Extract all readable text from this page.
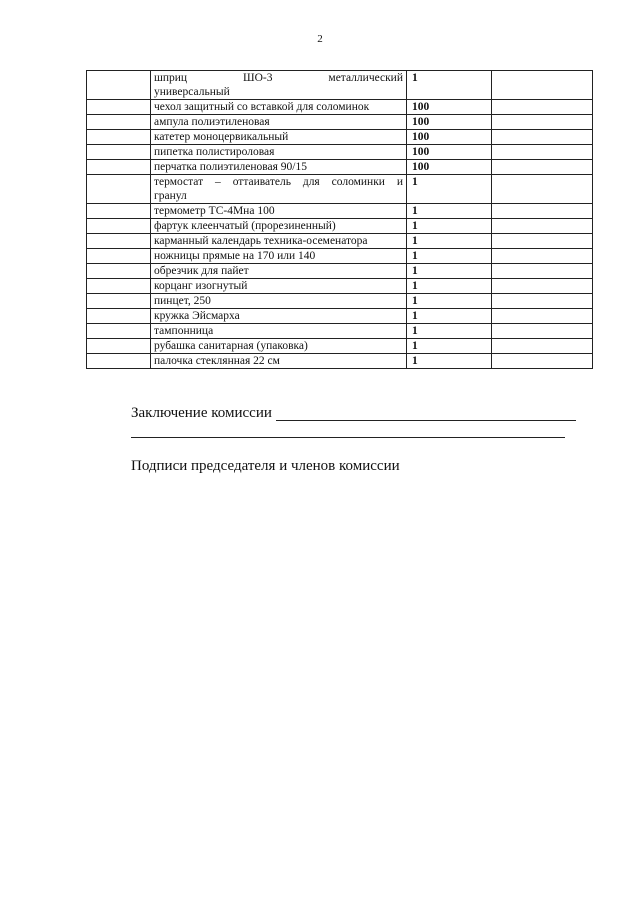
2

	шприц ШО-3 металлический
универсальный	1	

	чехол защитный со вставкой для соломинок	100	

	ампула полиэтиленовая	100	

	катетер моноцервикальный	100	

	пипетка полистироловая	100	

	перчатка полиэтиленовая 90/15	100	

	термостат – оттаиватель для соломинки и
гранул	1	

	термометр ТС-4Мна 100	1	

	фартук клеенчатый (прорезиненный)	1	

	карманный календарь техника-осеменатора	1	

	ножницы прямые на 170 или 140	1	

	обрезчик для пайет	1	

	корцанг изогнутый	1	

	пинцет, 250	1	

	кружка Эйсмарха	1	

	тампонница	1	

	рубашка санитарная (упаковка)	1	

	палочка стеклянная 22 см	1	
Заключение комиссии
Подписи председателя и членов комиссии
